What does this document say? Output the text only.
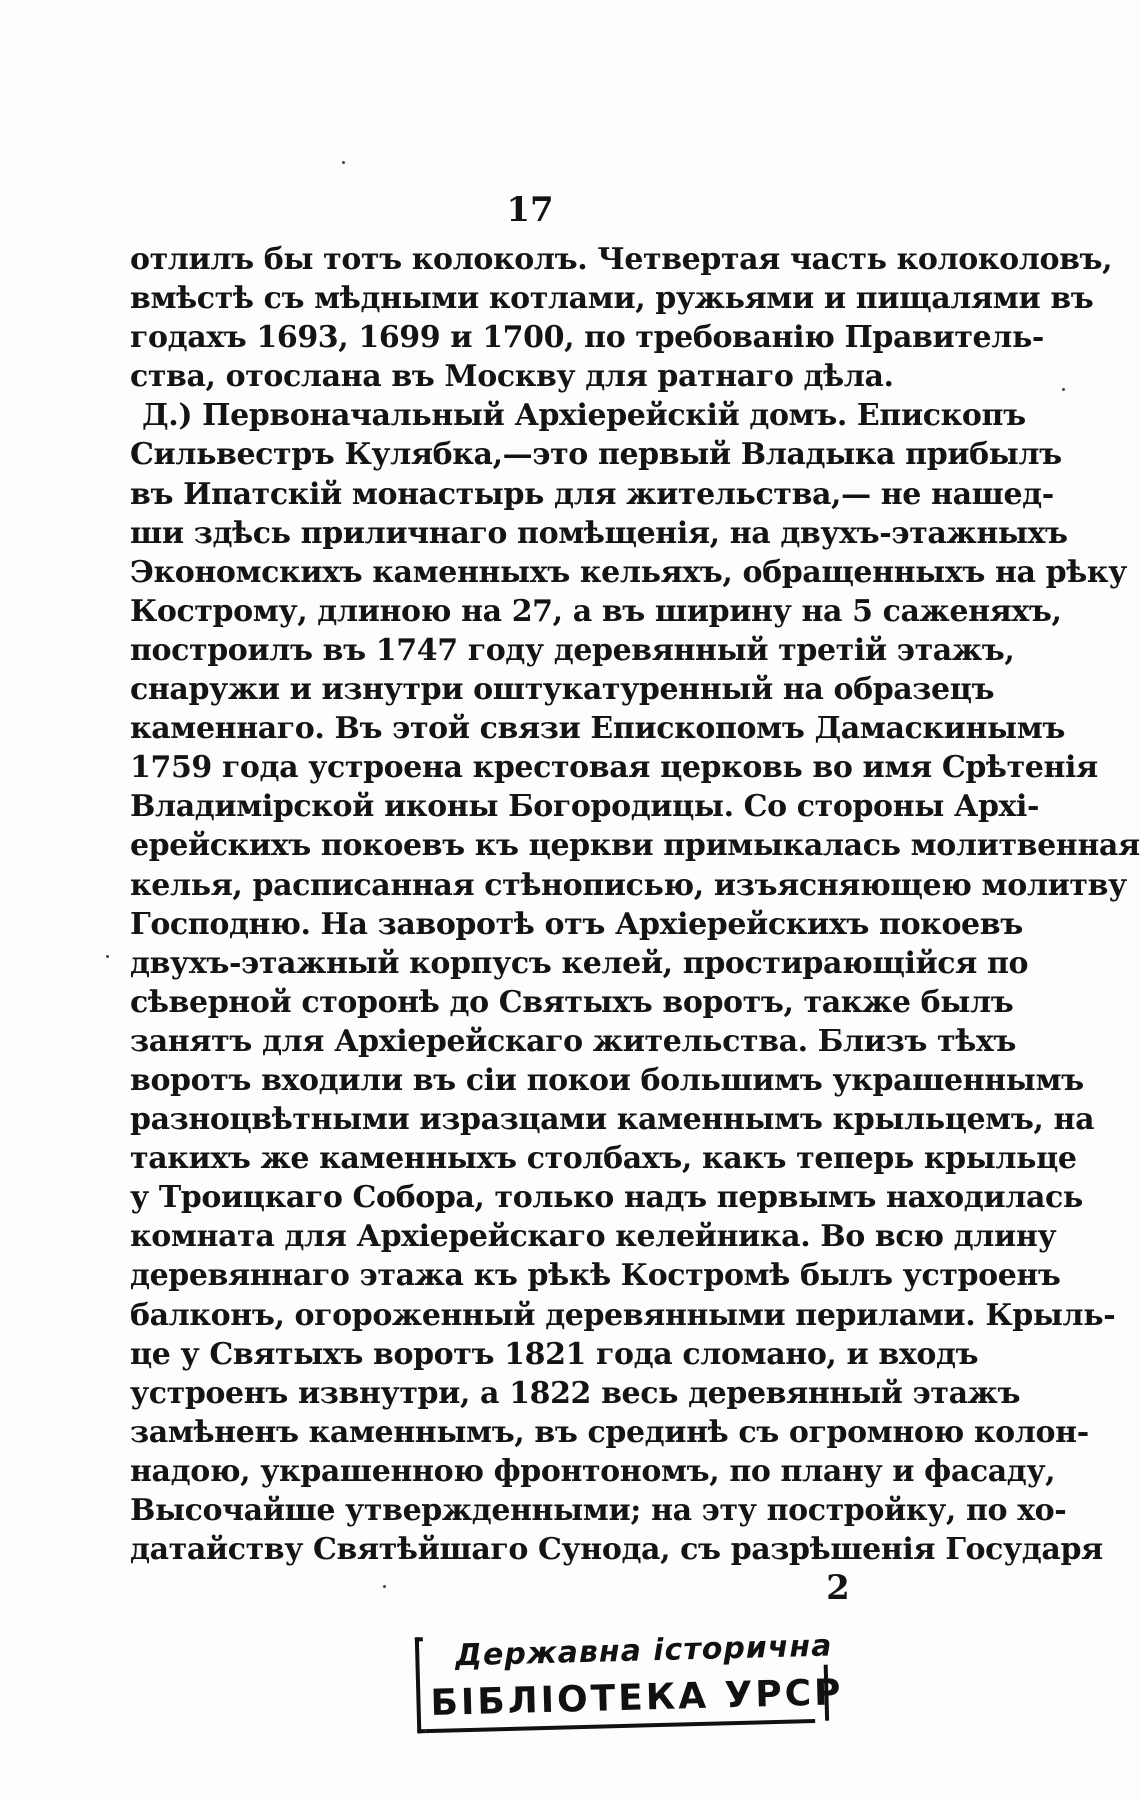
17
отлилъ бы тотъ колоколъ. Четвертая часть колоколовъ,
вмѣстѣ съ мѣдными котлами, ружьями и пищалями въ
годахъ 1693, 1699 и 1700, по требованію Правитель-
ства, отослана въ Москву для ратнаго дѣла.
Д.) Первоначальный Архіерейскій домъ. Епископъ
Сильвестръ Кулябка,—это первый Владыка прибылъ
въ Ипатскій монастырь для жительства,— не нашед-
ши здѣсь приличнаго помѣщенія, на двухъ-этажныхъ
Экономскихъ каменныхъ кельяхъ, обращенныхъ на рѣку
Кострому, длиною на 27, а въ ширину на 5 саженяхъ,
построилъ въ 1747 году деревянный третій этажъ,
снаружи и изнутри оштукатуренный на образецъ
каменнаго. Въ этой связи Епископомъ Дамаскинымъ
1759 года устроена крестовая церковь во имя Срѣтенія
Владимірской иконы Богородицы. Со стороны Архі-
ерейскихъ покоевъ къ церкви примыкалась молитвенная
келья, расписанная стѣнописью, изъясняющею молитву
Господню. На заворотѣ отъ Архіерейскихъ покоевъ
двухъ-этажный корпусъ келей, простирающійся по
сѣверной сторонѣ до Святыхъ воротъ, также былъ
занятъ для Архіерейскаго жительства. Близъ тѣхъ
воротъ входили въ сіи покои большимъ украшеннымъ
разноцвѣтными изразцами каменнымъ крыльцемъ, на
такихъ же каменныхъ столбахъ, какъ теперь крыльце
у Троицкаго Собора, только надъ первымъ находилась
комната для Архіерейскаго келейника. Во всю длину
деревяннаго этажа къ рѣкѣ Костромѣ былъ устроенъ
балконъ, огороженный деревянными перилами. Крыль-
це у Святыхъ воротъ 1821 года сломано, и входъ
устроенъ извнутри, а 1822 весь деревянный этажъ
замѣненъ каменнымъ, въ срединѣ съ огромною колон-
надою, украшенною фронтономъ, по плану и фасаду,
Высочайше утвержденными; на эту постройку, по хо-
датайству Святѣйшаго Сунода, съ разрѣшенія Государя
2
Державна історична
БІБЛІОТЕКА УРСР
